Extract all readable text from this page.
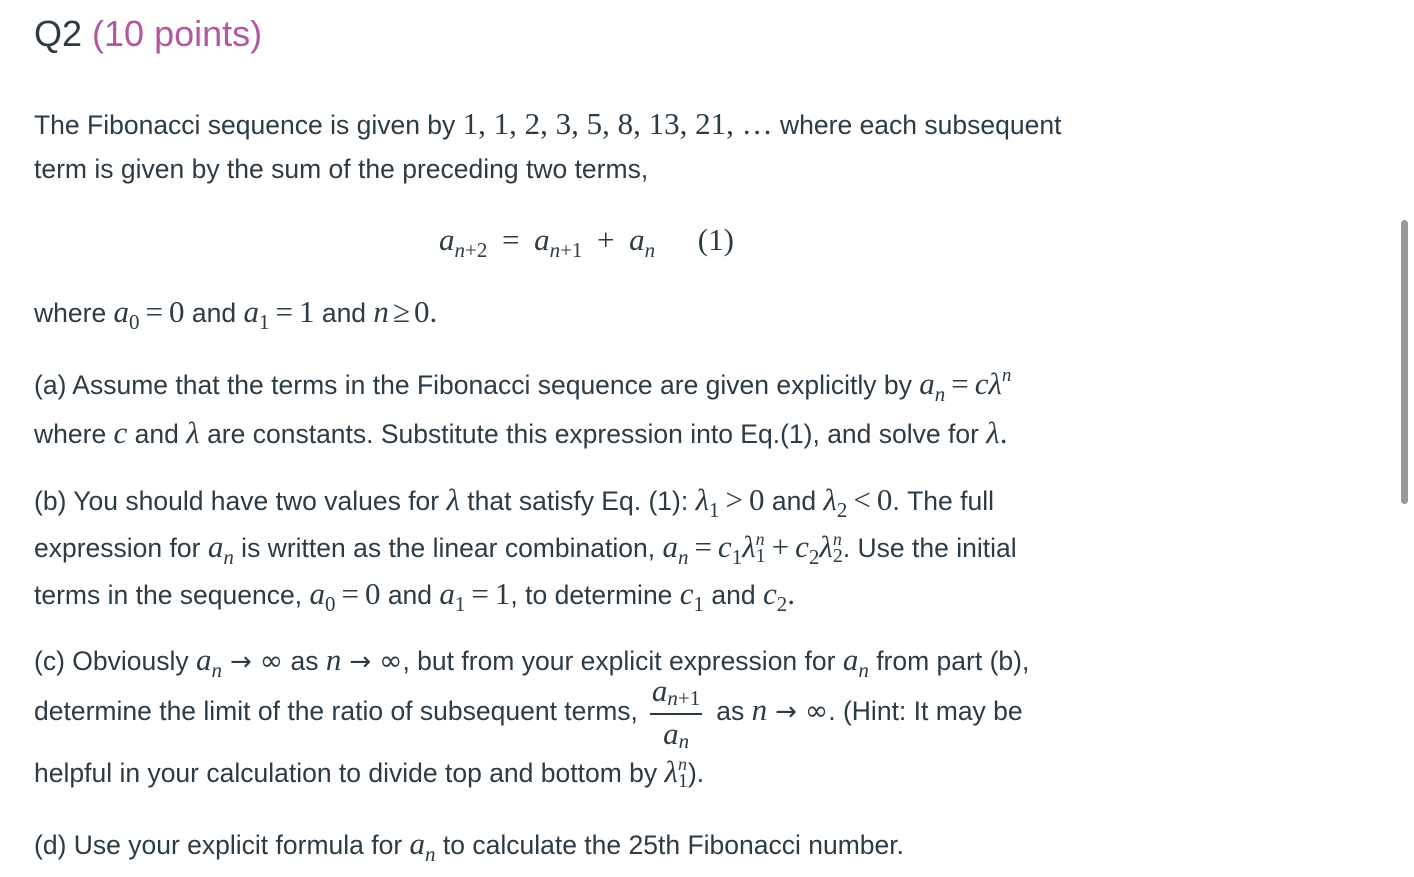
Q2 (10 points)
The Fibonacci sequence is given by 1, 1, 2, 3, 5, 8, 13, 21, … where each subsequent
term is given by the sum of the preceding two terms,
$a_{n+2} = a_{n+1} + a_n$ (1)
where $a_0 = 0$ and $a_1 = 1$ and n ≥ 0.
(a) Assume that the terms in the Fibonacci sequence are given explicitly by $a_n = c\lambda^n$
where c and λ are constants. Substitute this expression into Eq.(1), and solve for λ.
(b) You should have two values for λ that satisfy Eq. (1): $\lambda_1 > 0$ and $\lambda_2 < 0$. The full
expression for $a_n$ is written as the linear combination, $a_n = c_1\lambda$ n
$1 + c_2\lambda$ n
2 . Use the initial
terms in the sequence, $a_0 = 0$ and $a_1 = 1$, to determine $c_1$ and $c_2$.
(c) Obviously $a_n$ → ∞ as n → ∞, but from your explicit expression for $a_n$ from part (b),
determine the limit of the ratio of subsequent terms, $\frac{an+1}{an}$ as n → ∞. (Hint: It may be
helpful in your calculation to divide top and bottom by λ n
1 ).
(d) Use your explicit formula for $a_n$ to calculate the 25th Fibonacci number.
